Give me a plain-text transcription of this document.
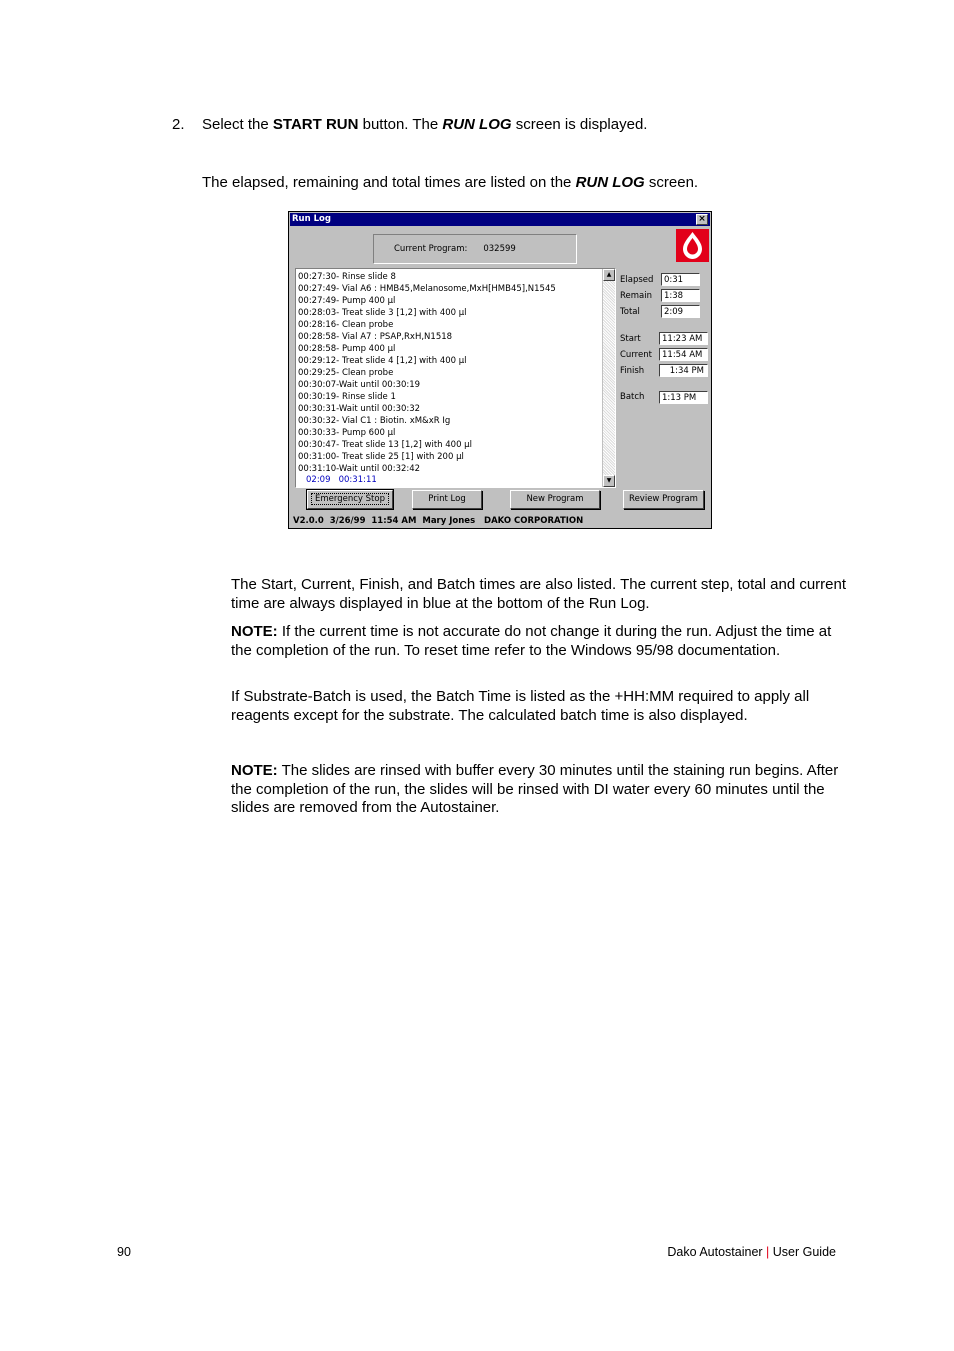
2. Select the START RUN button. The RUN LOG screen is displayed.
The elapsed, remaining and total times are listed on the RUN LOG screen.
Run Log	×
Current Program: 032599
00:27:30- Rinse slide 8
00:27:49- Vial A6 : HMB45,Melanosome,MxH[HMB45],N1545
00:27:49- Pump 400 µl
00:28:03- Treat slide 3 [1,2] with 400 µl
00:28:16- Clean probe
00:28:58- Vial A7 : PSAP,RxH,N1518
00:28:58- Pump 400 µl
00:29:12- Treat slide 4 [1,2] with 400 µl
00:29:25- Clean probe
00:30:07-Wait until 00:30:19
00:30:19- Rinse slide 1
00:30:31-Wait until 00:30:32
00:30:32- Vial C1 : Biotin. xM&xR Ig
00:30:33- Pump 600 µl
00:30:47- Treat slide 13 [1,2] with 400 µl
00:31:00- Treat slide 25 [1] with 200 µl
00:31:10-Wait until 00:32:42
02:09   00:31:11
▲
▼
Elapsed	0:31
Remain	1:38
Total	2:09
Start	11:23 AM
Current	11:54 AM
Finish	1:34 PM
Batch	1:13 PM
Emergency Stop	Print Log	New Program	Review Program
V2.0.0  3/26/99  11:54 AM  Mary Jones   DAKO CORPORATION
The Start, Current, Finish, and Batch times are also listed. The current step, total and current time are always displayed in blue at the bottom of the Run Log.
NOTE: If the current time is not accurate do not change it during the run. Adjust the time at the completion of the run. To reset time refer to the Windows 95/98 documentation.
If Substrate-Batch is used, the Batch Time is listed as the +HH:MM required to apply all reagents except for the substrate. The calculated batch time is also displayed.
NOTE: The slides are rinsed with buffer every 30 minutes until the staining run begins. After the completion of the run, the slides will be rinsed with DI water every 60 minutes until the slides are removed from the Autostainer.
90	Dako Autostainer | User Guide
